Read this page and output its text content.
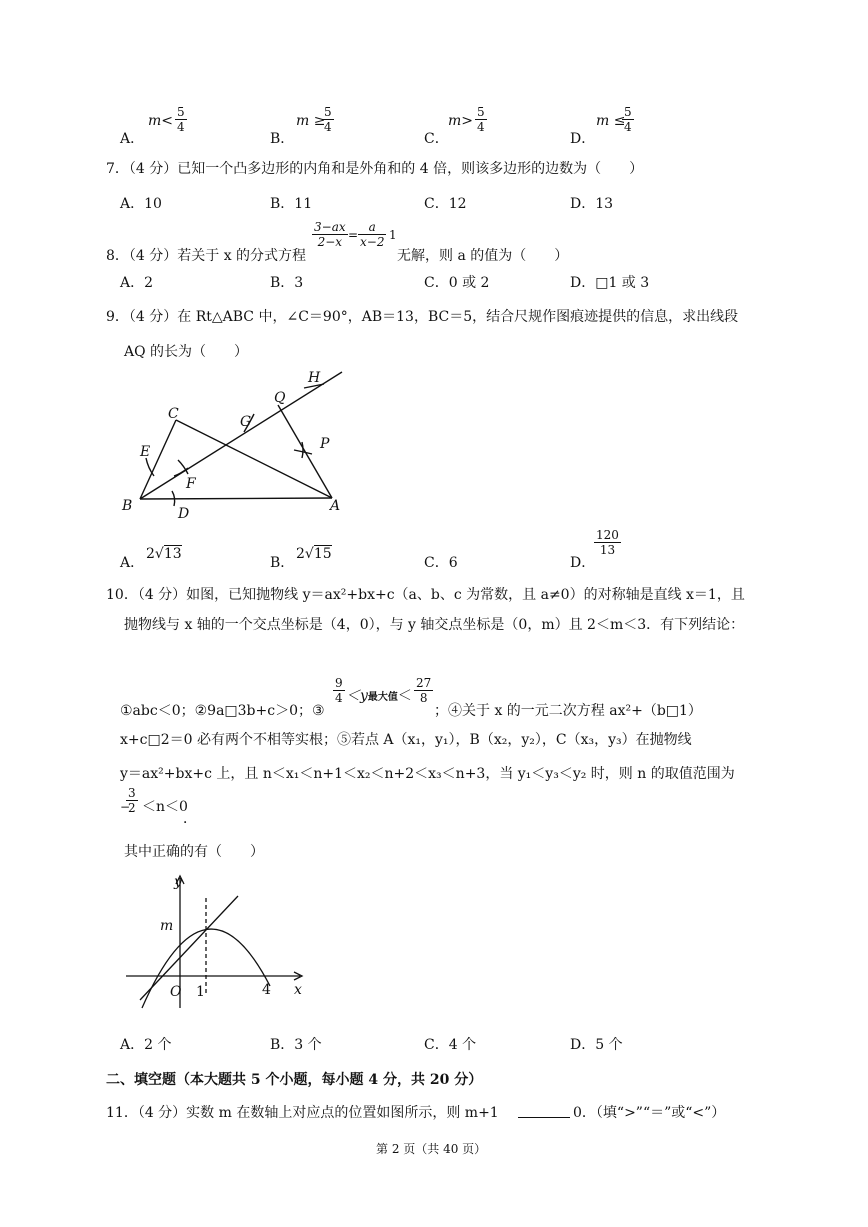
A．
$m< \frac{5}{4}$
B．
m ≥
$\frac{5}{4}$
C．
$m> \frac{5}{4}$
D．
m ≤
$\frac{5}{4}$
7．（4 分）已知一个凸多边形的内角和是外角和的 4 倍，则该多边形的边数为（　　）
A．10	B．11	C．12	D．13
8．（4 分）若关于 x 的分式方程
$\frac{3-ax}{2-x} = \frac{a}{x-2} 1$
无解，则 a 的值为（　　）
A．2	B．3	C．0 或 2	D．□1 或 3
9．（4 分）在 Rt△ABC 中，∠C＝90°，AB＝13，BC＝5，结合尺规作图痕迹提供的信息，求出线段
AQ 的长为（　　）
C
Q
H
G
E	P
F
B	D	A
A．
2√13
B．
2√15
C．6	D．
$\frac{120}{13}$
10．（4 分）如图，已知抛物线 y＝ax²+bx+c（a、b、c 为常数，且 a≠0）的对称轴是直线 x＝1，且
抛物线与 x 轴的一个交点坐标是（4，0），与 y 轴交点坐标是（0，m）且 2＜m＜3．有下列结论：
①abc＜0；②9a□3b+c＞0；③
$\frac{9}{4} <y$最大值＜ $\frac{27}{8}$
；④关于 x 的一元二次方程 ax²+（b□1）
x+c□2＝0 必有两个不相等实根；⑤若点 A（x₁，y₁），B（x₂，y₂），C（x₃，y₃）在抛物线
y＝ax²+bx+c 上，且 n＜x₁＜n+1＜x₂＜n+2＜x₃＜n+3，当 y₁＜y₃＜y₂ 时，则 n 的取值范围为
−
$\frac{3}{2} <n<0$
．
其中正确的有（　　）
y
m
O 1	4 x
A．2 个	B．3 个	C．4 个	D．5 个
二、填空题（本大题共 5 个小题，每小题 4 分，共 20 分）
11．（4 分）实数 m 在数轴上对应点的位置如图所示，则 m+1	0．（填“>”“＝”或“<”）
第 2 页（共 40 页）
